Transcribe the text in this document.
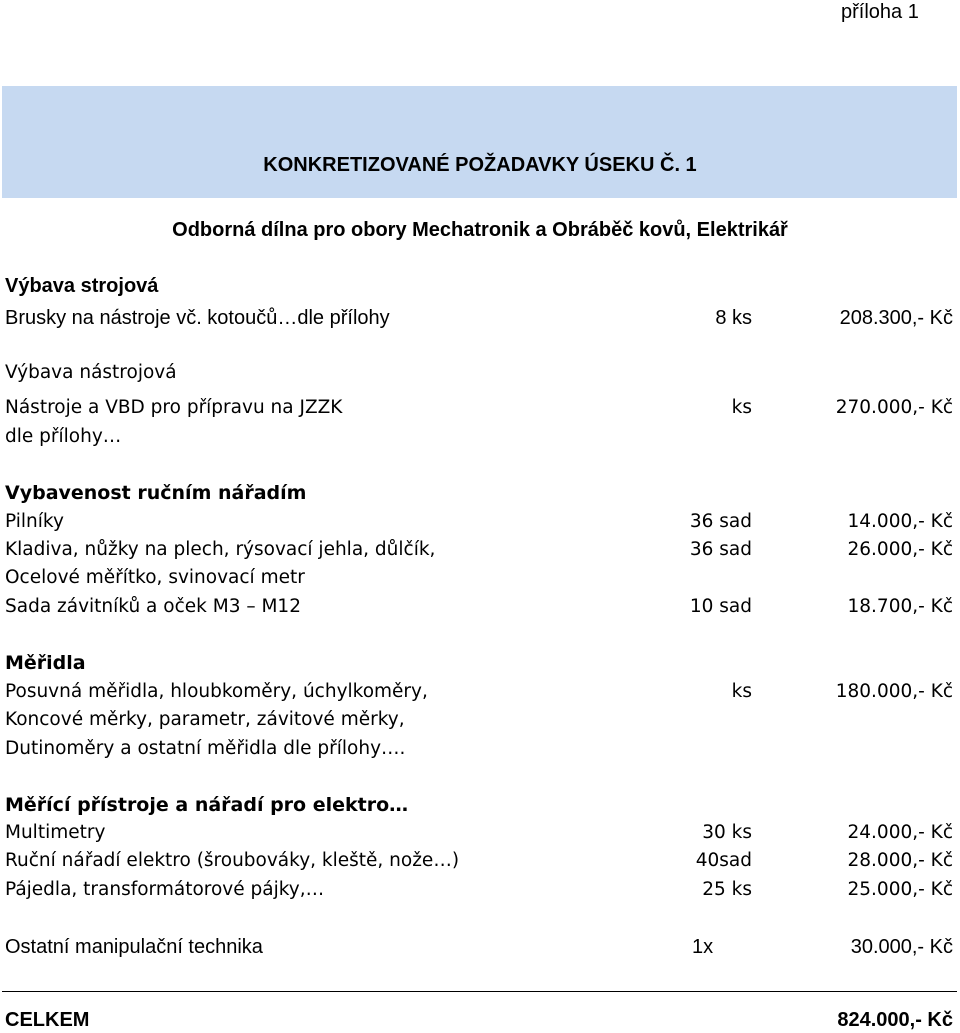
příloha 1
KONKRETIZOVANÉ POŽADAVKY ÚSEKU Č. 1
Odborná dílna pro obory Mechatronik a Obráběč kovů, Elektrikář
Výbava strojová
Brusky na nástroje vč. kotoučů…dle přílohy	8 ks	208.300,- Kč
Výbava nástrojová
Nástroje a VBD pro přípravu na JZZK	ks	270.000,- Kč
dle přílohy…
Vybavenost ručním nářadím
Pilníky	36 sad	14.000,- Kč
Kladiva, nůžky na plech, rýsovací jehla, důlčík,	36 sad	26.000,- Kč
Ocelové měřítko, svinovací metr
Sada závitníků a oček M3 – M12	10 sad	18.700,- Kč
Měřidla
Posuvná měřidla, hloubkoměry, úchylkoměry,	ks	180.000,- Kč
Koncové měrky, parametr, závitové měrky,
Dutinoměry a ostatní měřidla dle přílohy….
Měřící přístroje a nářadí pro elektro…
Multimetry	30 ks	24.000,- Kč
Ruční nářadí elektro (šroubováky, kleště, nože…)	40sad	28.000,- Kč
Pájedla, transformátorové pájky,…	25 ks	25.000,- Kč
Ostatní manipulační technika	1x	30.000,- Kč
CELKEM	824.000,- Kč
